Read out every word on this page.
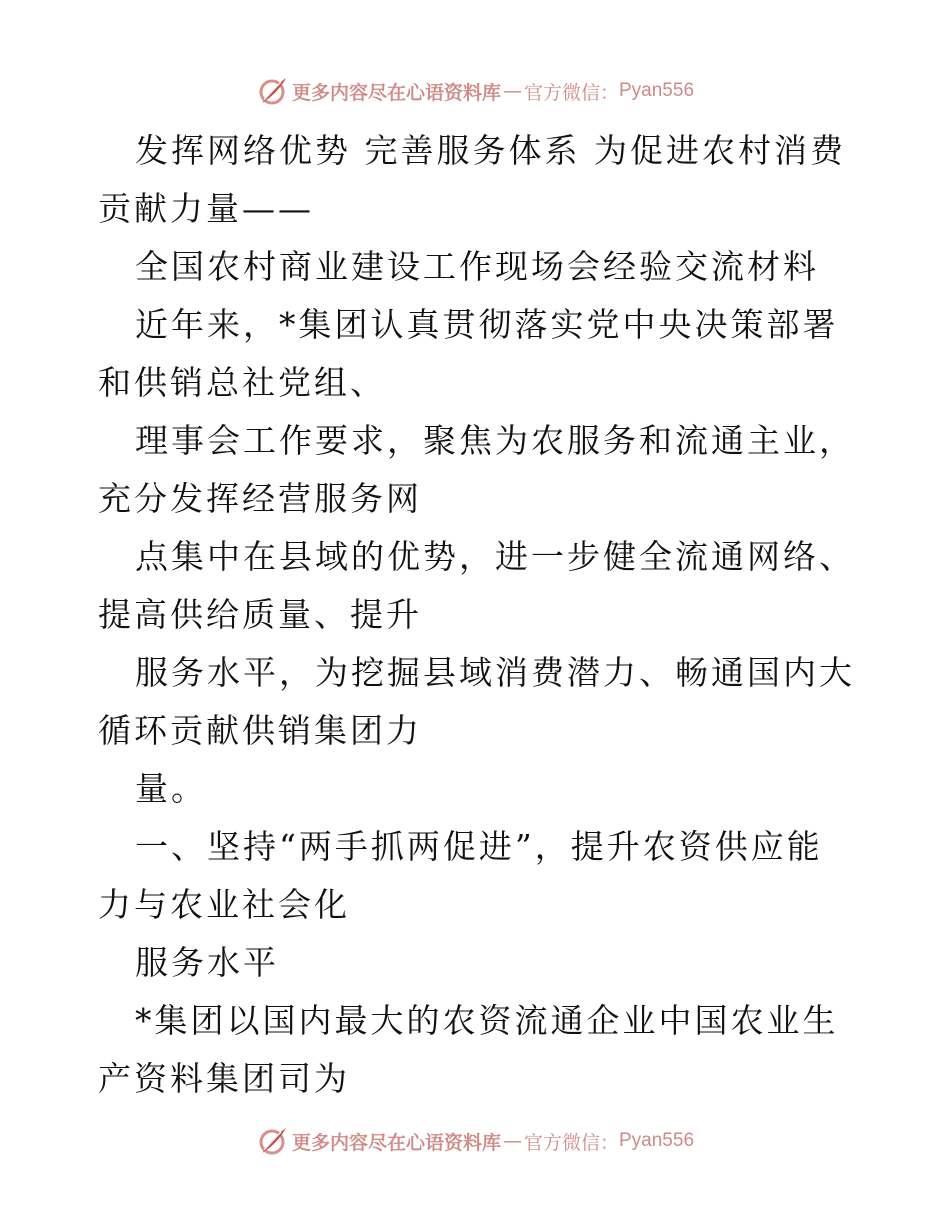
更多内容尽在心语资料库 — 官方微信： Pyan556

发挥网络优势 完善服务体系 为促进农村消费贡献力量——

全国农村商业建设工作现场会经验交流材料

近年来，*集团认真贯彻落实党中央决策部署和供销总社党组、

理事会工作要求，聚焦为农服务和流通主业，充分发挥经营服务网

点集中在县域的优势，进一步健全流通网络、提高供给质量、提升

服务水平，为挖掘县域消费潜力、畅通国内大循环贡献供销集团力

量。

一、坚持“两手抓两促进”，提升农资供应能力与农业社会化

服务水平

*集团以国内最大的农资流通企业中国农业生产资料集团司为

更多内容尽在心语资料库 — 官方微信： Pyan556
